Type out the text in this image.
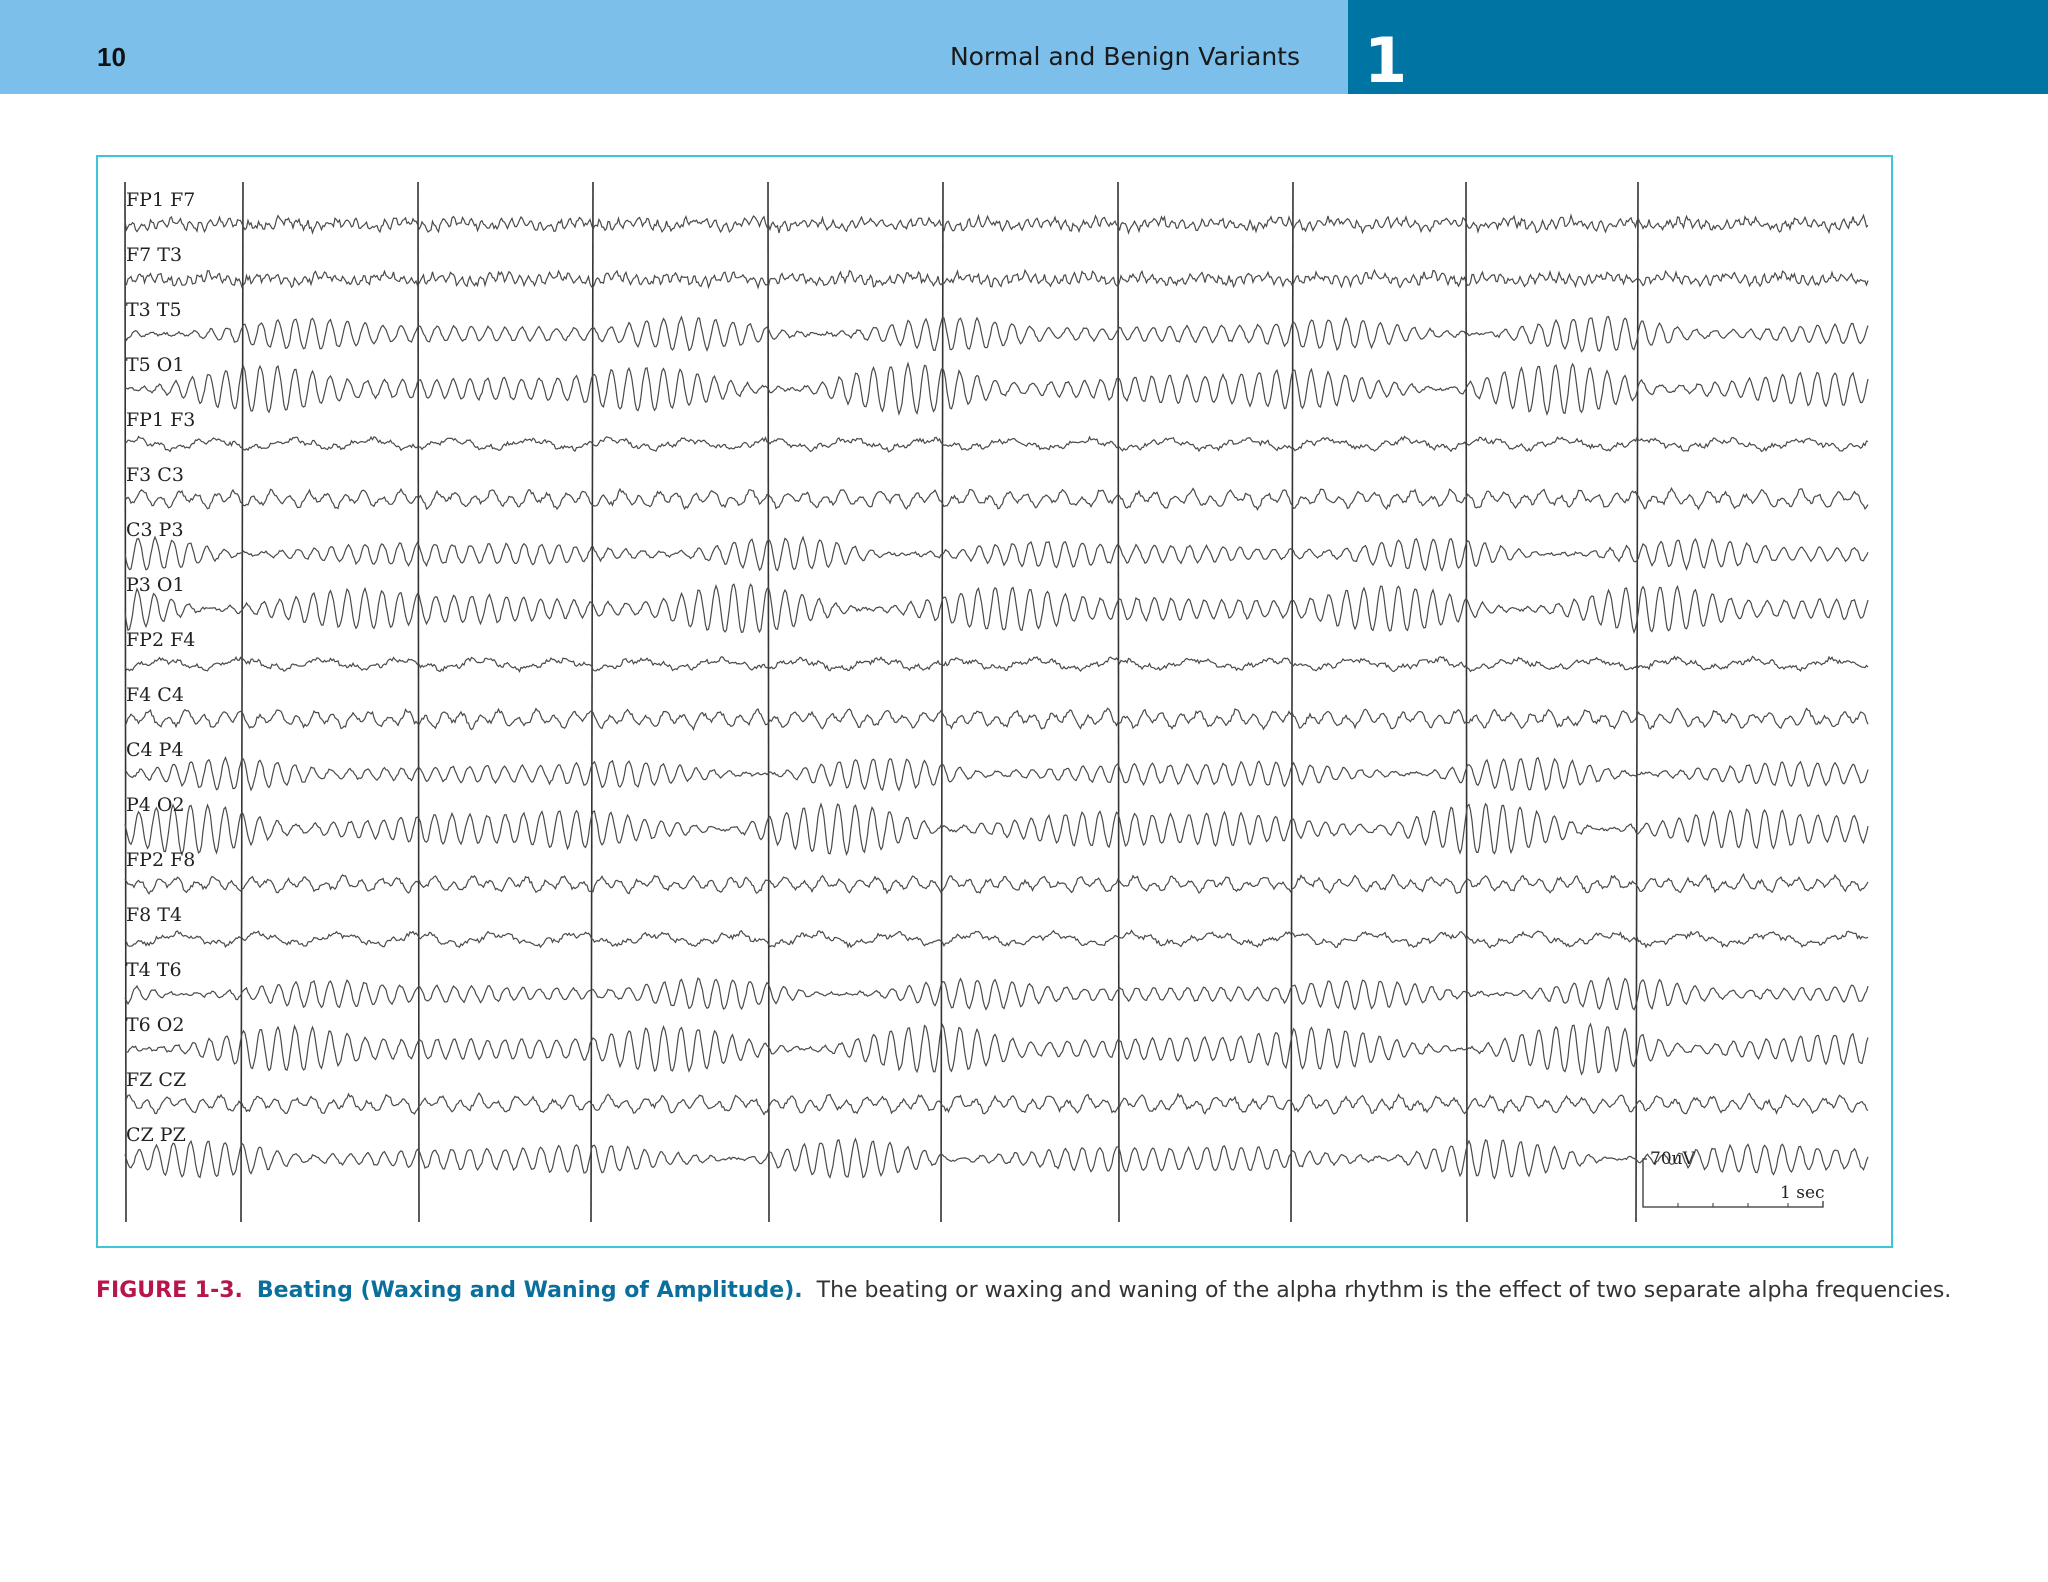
10	Normal and Benign Variants 1
FP1 F7
F7 T3
T3 T5
T5 O1
FP1 F3
F3 C3
C3 P3
P3 O1
FP2 F4
F4 C4
C4 P4
P4 O2
FP2 F8
F8 T4
T4 T6
T6 O2
FZ CZ
CZ PZ
70uV
1 sec
FIGURE 1-3. Beating (Waxing and Waning of Amplitude). The beating or waxing and waning of the alpha rhythm is the effect of two separate alpha frequencies.
